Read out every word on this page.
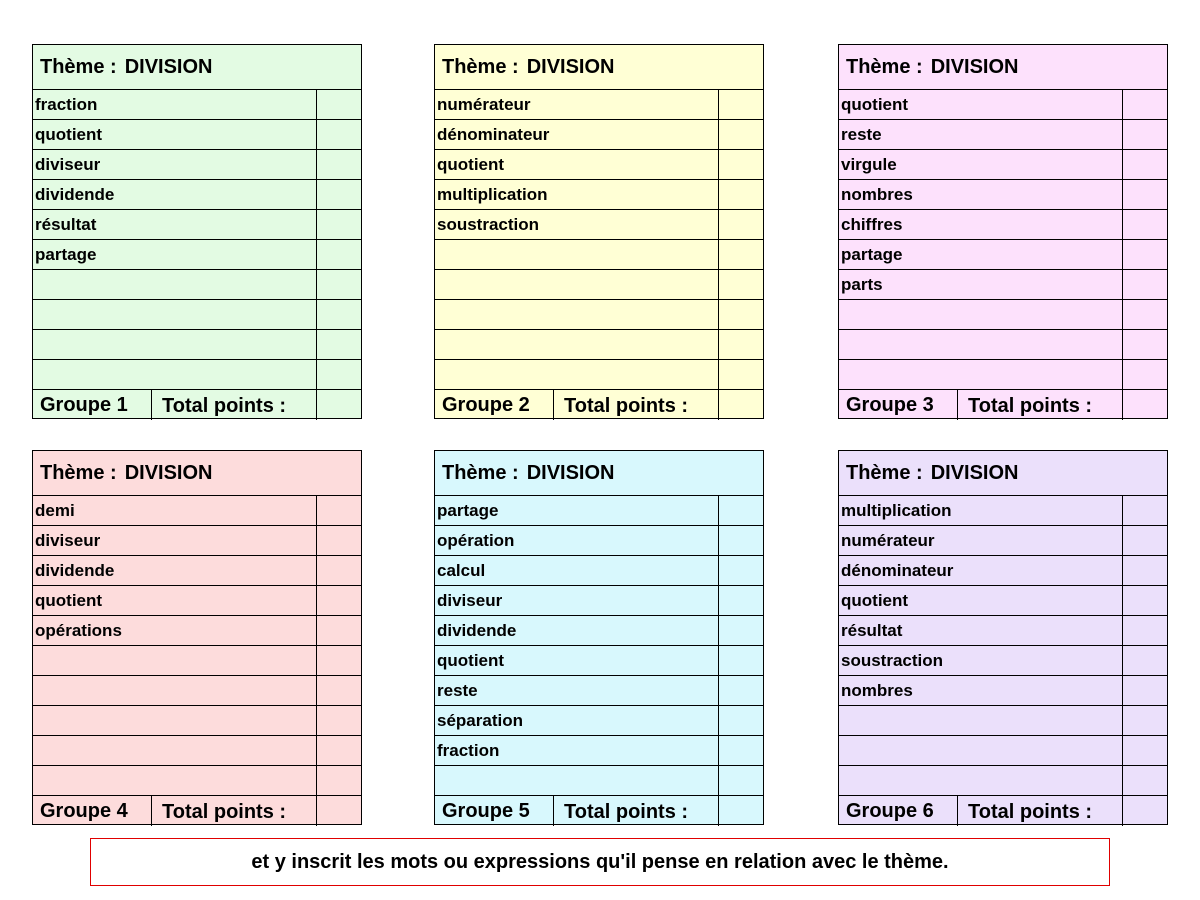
Thème : DIVISION
fraction
quotient
diviseur
dividende
résultat
partage
Groupe 1	Total points :
Thème : DIVISION
numérateur
dénominateur
quotient
multiplication
soustraction
Groupe 2	Total points :
Thème : DIVISION
quotient
reste
virgule
nombres
chiffres
partage
parts
Groupe 3	Total points :
Thème : DIVISION
demi
diviseur
dividende
quotient
opérations
Groupe 4	Total points :
Thème : DIVISION
partage
opération
calcul
diviseur
dividende
quotient
reste
séparation
fraction
Groupe 5	Total points :
Thème : DIVISION
multiplication
numérateur
dénominateur
quotient
résultat
soustraction
nombres
Groupe 6	Total points :
et y inscrit les mots ou expressions qu'il pense en relation avec le thème.
